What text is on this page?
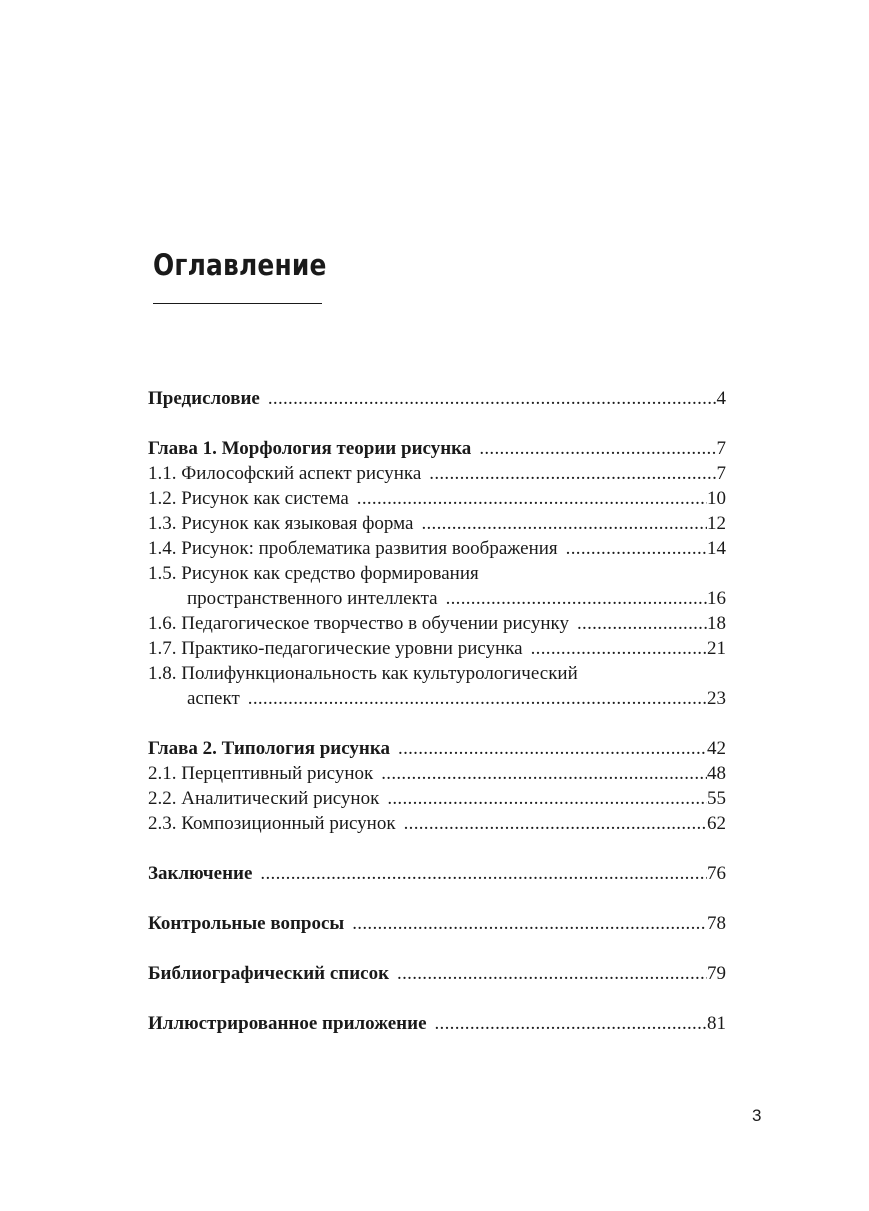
Оглавление
Предисловие .....	4
Глава 1. Морфология теории рисунка .....	7
1.1. Философский аспект рисунка .....	7
1.2. Рисунок как система .....	10
1.3. Рисунок как языковая форма .....	12
1.4. Рисунок: проблематика развития воображения .....	14
1.5. Рисунок как средство формирования
пространственного интеллекта .....	16
1.6. Педагогическое творчество в обучении рисунку .....	18
1.7. Практико-педагогические уровни рисунка .....	21
1.8. Полифункциональность как культурологический
аспект .....	23
Глава 2. Типология рисунка .....	42
2.1. Перцептивный рисунок .....	48
2.2. Аналитический рисунок .....	55
2.3. Композиционный рисунок .....	62
Заключение .....	76
Контрольные вопросы .....	78
Библиографический список .....	79
Иллюстрированное приложение .....	81
3
